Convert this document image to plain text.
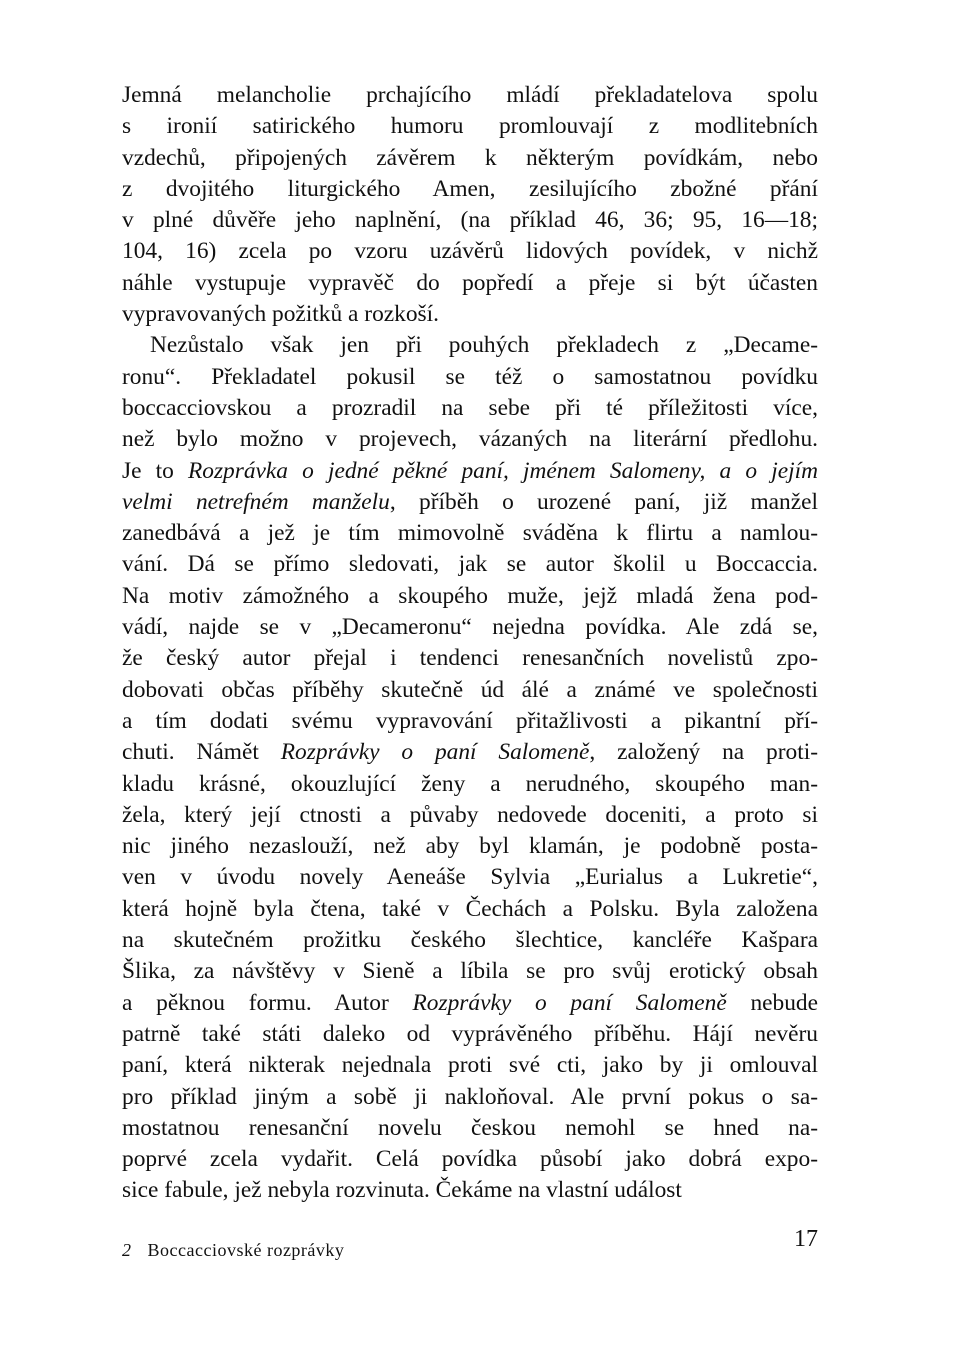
Jemná melancholie prchajícího mládí překladatelova spolu
s ironií satirického humoru promlouvají z modlitebních
vzdechů, připojených závěrem k některým povídkám, nebo
z dvojitého liturgického Amen, zesilujícího zbožné přání
v plné důvěře jeho naplnění, (na příklad 46, 36; 95, 16—18;
104, 16) zcela po vzoru uzávěrů lidových povídek, v nichž
náhle vystupuje vypravěč do popředí a přeje si být účasten
vypravovaných požitků a rozkoší.
Nezůstalo však jen při pouhých překladech z „Decame-
ronu“. Překladatel pokusil se též o samostatnou povídku
boccacciovskou a prozradil na sebe při té příležitosti více,
než bylo možno v projevech, vázaných na literární předlohu.
Je to Rozprávka o jedné pěkné paní, jménem Salomeny, a o jejím
velmi netrefném manželu, příběh o urozené paní, již manžel
zanedbává a jež je tím mimovolně sváděna k flirtu a namlou-
vání. Dá se přímo sledovati, jak se autor školil u Boccaccia.
Na motiv zámožného a skoupého muže, jejž mladá žena pod-
vádí, najde se v „Decameronu“ nejedna povídka. Ale zdá se,
že český autor přejal i tendenci renesančních novelistů zpo-
dobovati občas příběhy skutečně úd álé a známé ve společnosti
a tím dodati svému vypravování přitažlivosti a pikantní pří-
chuti. Námět Rozprávky o paní Salomeně, založený na proti-
kladu krásné, okouzlující ženy a nerudného, skoupého man-
žela, který její ctnosti a půvaby nedovede doceniti, a proto si
nic jiného nezaslouží, než aby byl klamán, je podobně posta-
ven v úvodu novely Aeneáše Sylvia „Eurialus a Lukretie“,
která hojně byla čtena, také v Čechách a Polsku. Byla založena
na skutečném prožitku českého šlechtice, kancléře Kašpara
Šlika, za návštěvy v Sieně a líbila se pro svůj erotický obsah
a pěknou formu. Autor Rozprávky o paní Salomeně nebude
patrně také státi daleko od vyprávěného příběhu. Hájí nevěru
paní, která nikterak nejednala proti své cti, jako by ji omlouval
pro příklad jiným a sobě ji nakloňoval. Ale první pokus o sa-
mostatnou renesanční novelu českou nemohl se hned na-
poprvé zcela vydařit. Celá povídka působí jako dobrá expo-
sice fabule, jež nebyla rozvinuta. Čekáme na vlastní událost
2 Boccacciovské rozprávky	17
